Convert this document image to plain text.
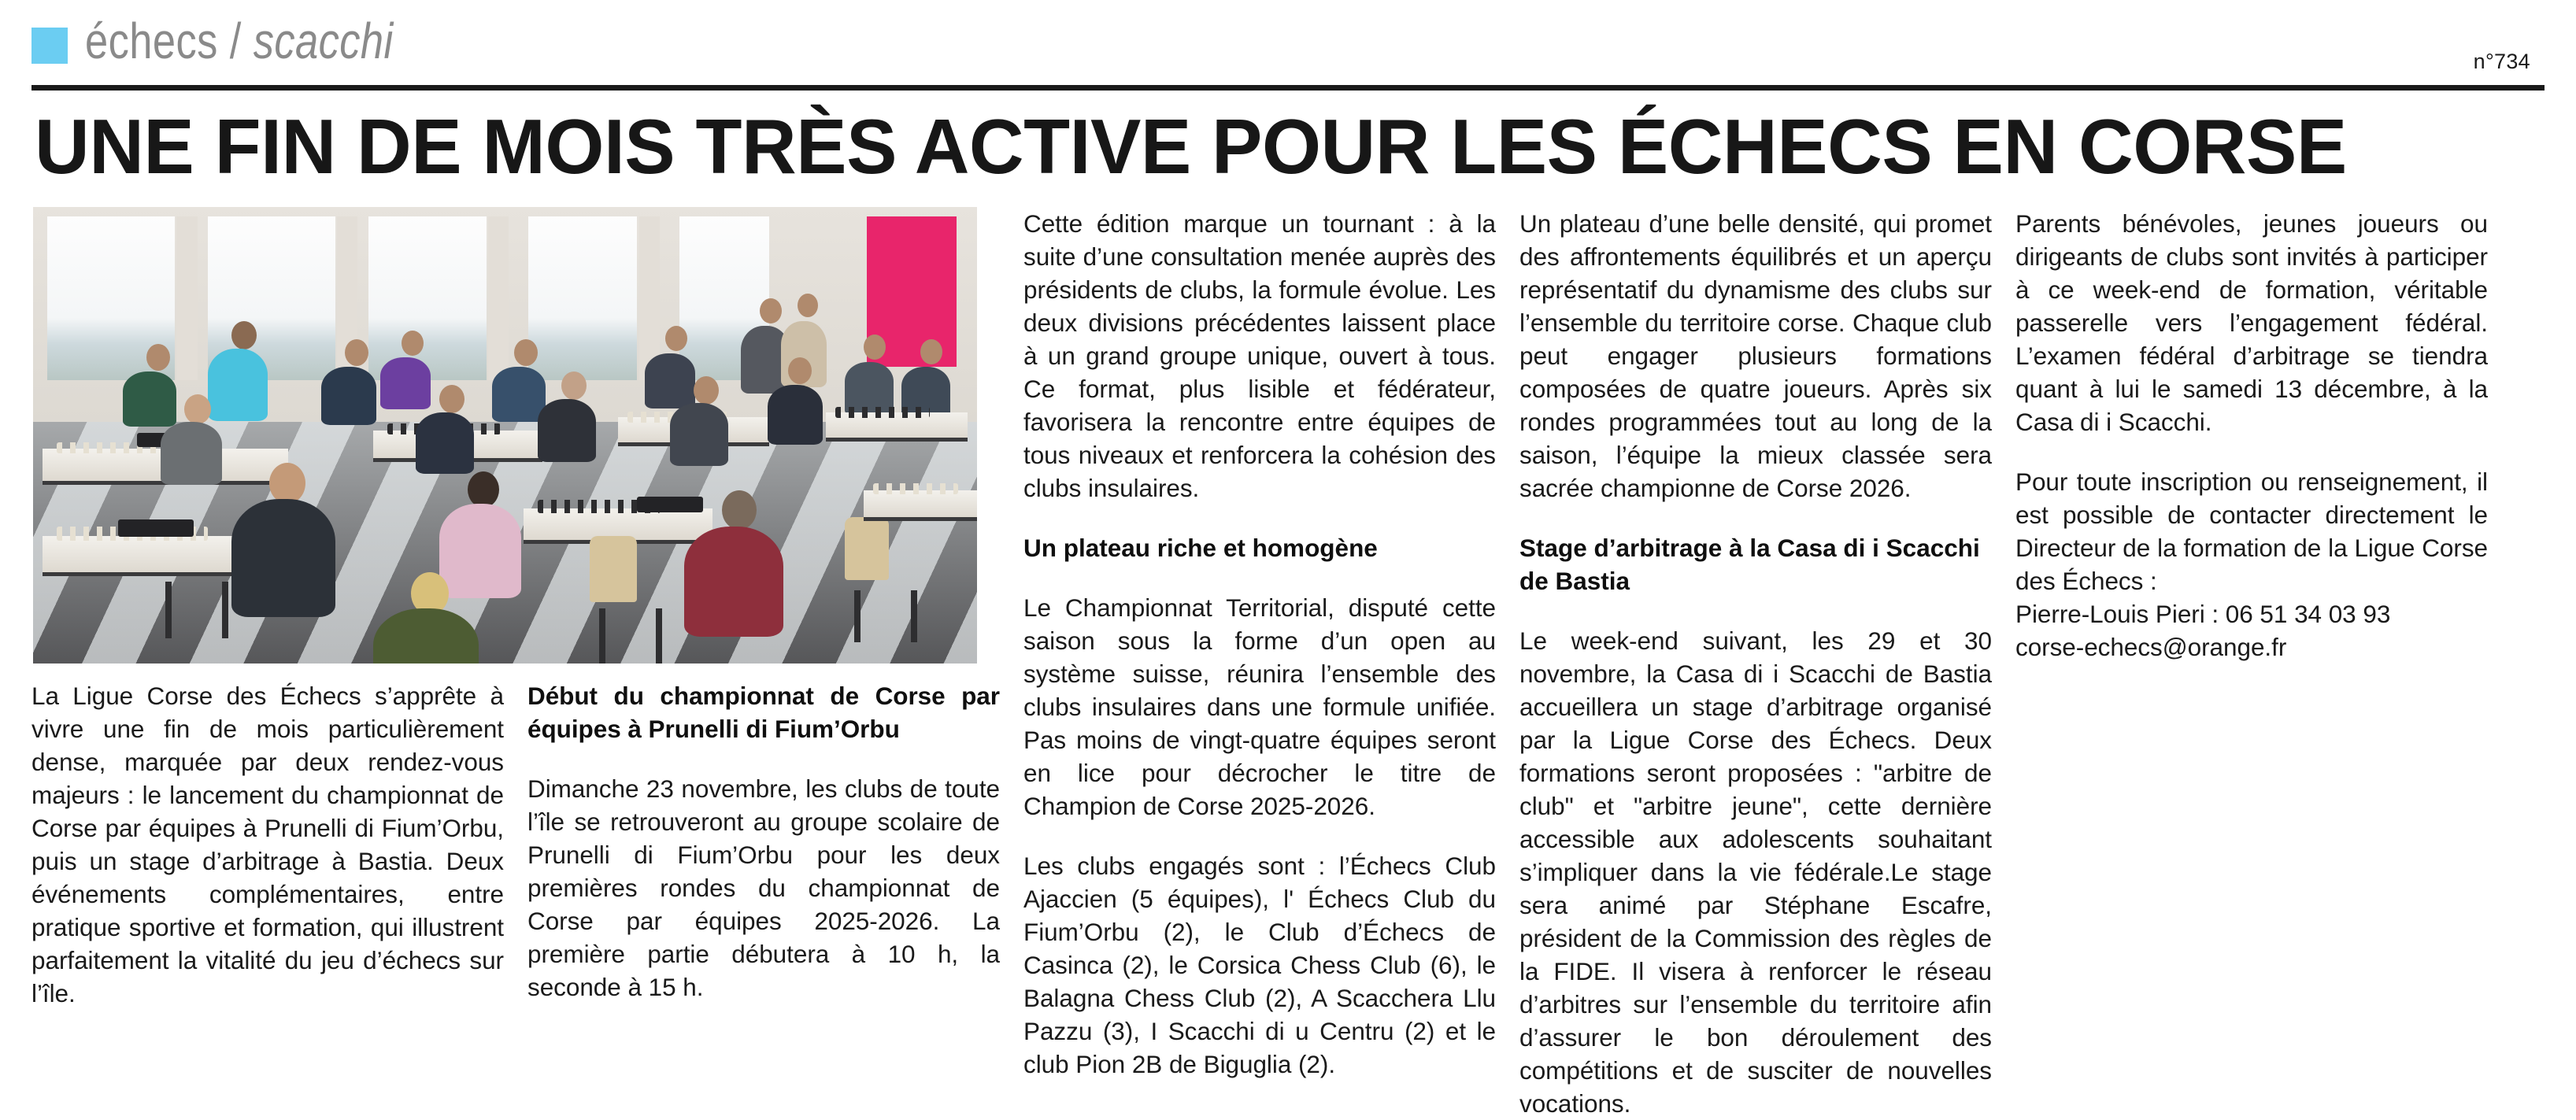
échecs / scacchi	n°734
UNE FIN DE MOIS TRÈS ACTIVE POUR LES ÉCHECS EN CORSE
La Ligue Corse des Échecs s’apprête à vivre une fin de mois particulièrement dense, marquée par deux rendez-vous majeurs : le lancement du championnat de Corse par équipes à Prunelli di Fium’Orbu, puis un stage d’arbitrage à Bastia. Deux événements complémentaires, entre pratique sportive et formation, qui illustrent parfaitement la vitalité du jeu d’échecs sur l’île.
Début du championnat de Corse par équipes à Prunelli di Fium’Orbu

Dimanche 23 novembre, les clubs de toute l’île se retrouveront au groupe scolaire de Prunelli di Fium’Orbu pour les deux premières rondes du championnat de Corse par équipes 2025-2026. La première partie débutera à 10 h, la seconde à 15 h.

Cette édition marque un tournant : à la suite d’une consultation menée auprès des présidents de clubs, la formule évolue. Les deux divisions précédentes laissent place à un grand groupe unique, ouvert à tous. Ce format, plus lisible et fédérateur, favorisera la rencontre entre équipes de tous niveaux et renforcera la cohésion des clubs insulaires.

Un plateau riche et homogène

Le Championnat Territorial, disputé cette saison sous la forme d’un open au système suisse, réunira l’ensemble des clubs insulaires dans une formule unifiée. Pas moins de vingt-quatre équipes seront en lice pour décrocher le titre de Champion de Corse 2025-2026.

Les clubs engagés sont : l’Échecs Club Ajaccien (5 équipes), l' Échecs Club du Fium’Orbu (2), le Club d’Échecs de Casinca (2), le Corsica Chess Club (6), le Balagna Chess Club (2), A Scacchera Llu Pazzu (3), I Scacchi di u Centru (2) et le club Pion 2B de Biguglia (2).

Un plateau d’une belle densité, qui promet des affrontements équilibrés et un aperçu représentatif du dynamisme des clubs sur l’ensemble du territoire corse. Chaque club peut engager plusieurs formations composées de quatre joueurs. Après six rondes programmées tout au long de la saison, l’équipe la mieux classée sera sacrée championne de Corse 2026.

Stage d’arbitrage à la Casa di i Scacchi de Bastia

Le week-end suivant, les 29 et 30 novembre, la Casa di i Scacchi de Bastia accueillera un stage d’arbitrage organisé par la Ligue Corse des Échecs. Deux formations seront proposées : "arbitre de club" et "arbitre jeune", cette dernière accessible aux adolescents souhaitant s’impliquer dans la vie fédérale.Le stage sera animé par Stéphane Escafre, président de la Commission des règles de la FIDE. Il visera à renforcer le réseau d’arbitres sur l’ensemble du territoire afin d’assurer le bon déroulement des compétitions et de susciter de nouvelles vocations.

Parents bénévoles, jeunes joueurs ou dirigeants de clubs sont invités à participer à ce week-end de formation, véritable passerelle vers l’engagement fédéral. L’examen fédéral d’arbitrage se tiendra quant à lui le samedi 13 décembre, à la Casa di i Scacchi.

Pour toute inscription ou renseignement, il est possible de contacter directement le Directeur de la formation de la Ligue Corse des Échecs :

Pierre-Louis Pieri : 06 51 34 03 93

corse-echecs@orange.fr
